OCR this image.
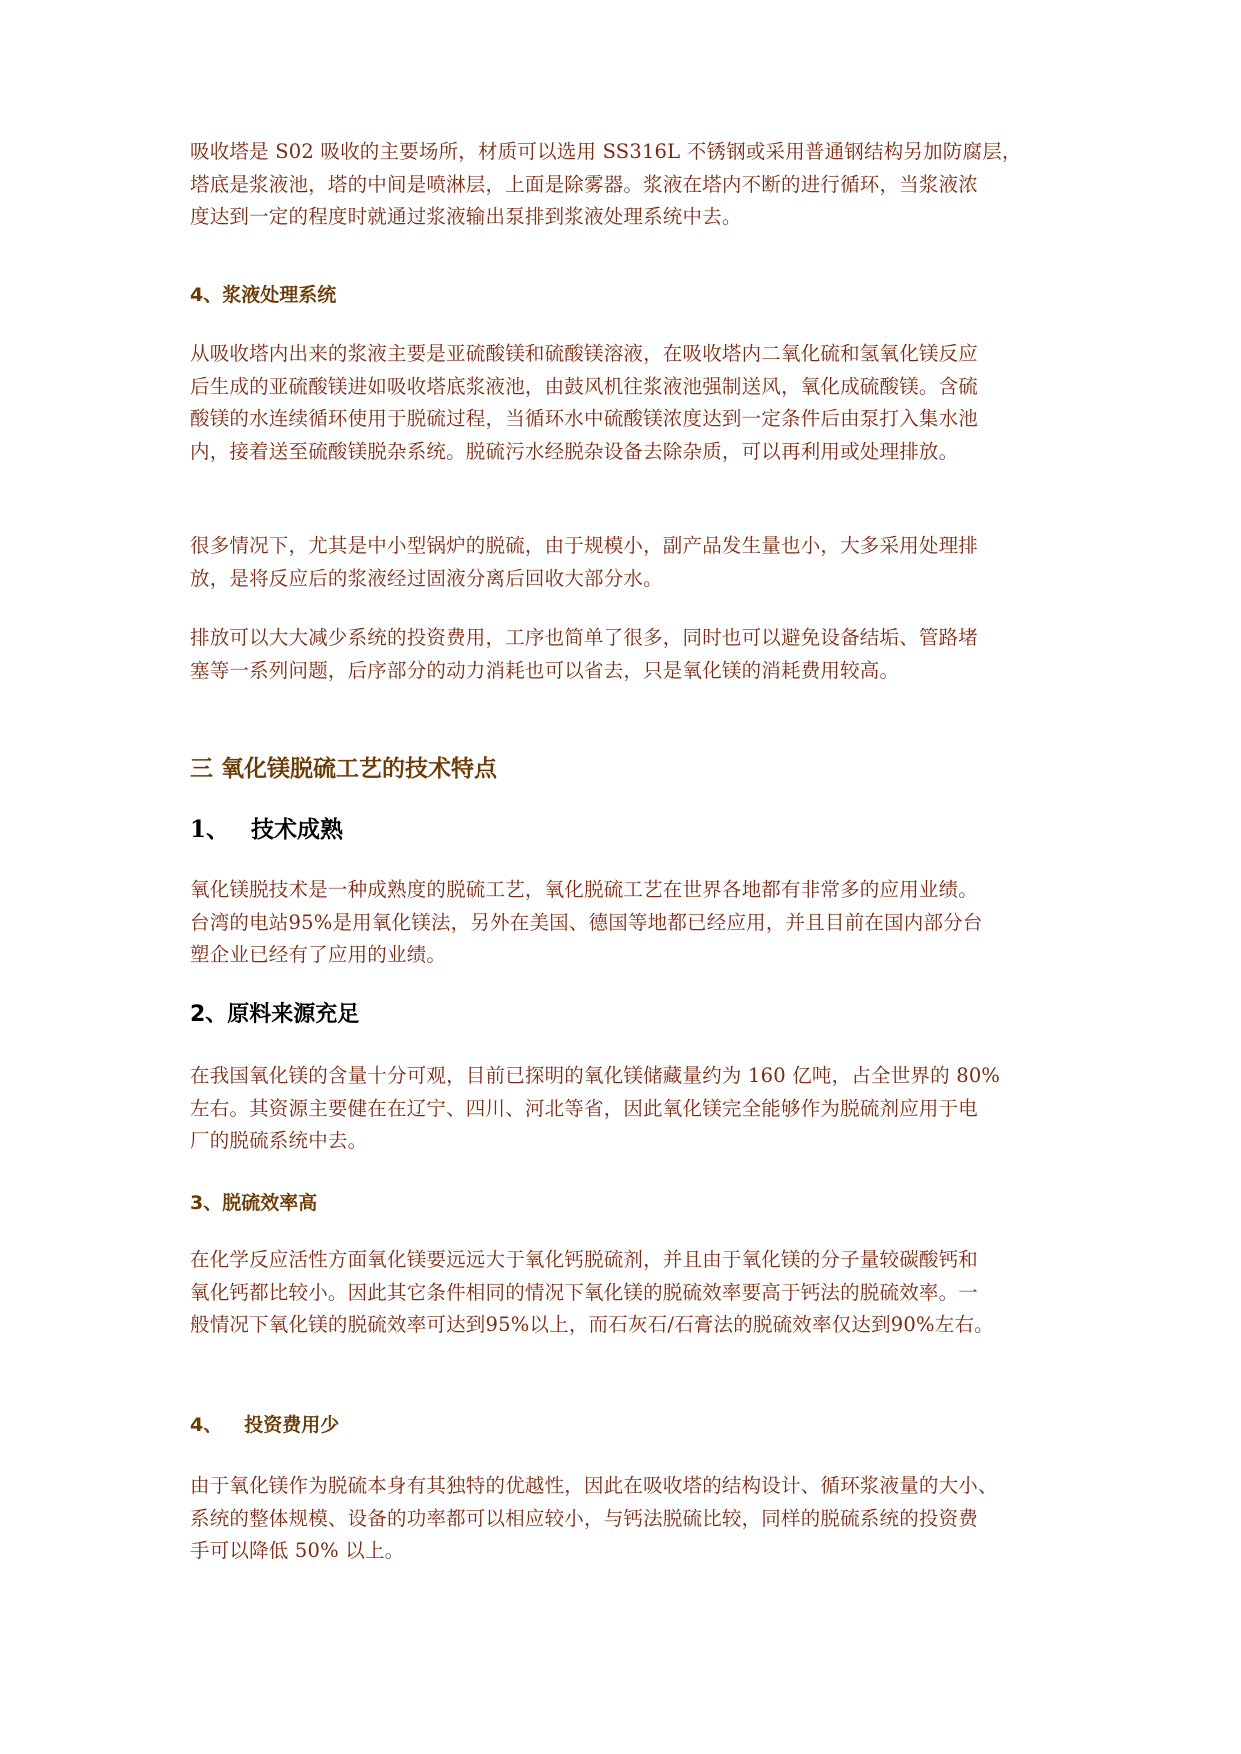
吸收塔是 S02 吸收的主要场所，材质可以选用 SS316L 不锈钢或采用普通钢结构另加防腐层，
塔底是浆液池，塔的中间是喷淋层，上面是除雾器。浆液在塔内不断的进行循环，当浆液浓
度达到一定的程度时就通过浆液输出泵排到浆液处理系统中去。

4、浆液处理系统

从吸收塔内出来的浆液主要是亚硫酸镁和硫酸镁溶液，在吸收塔内二氧化硫和氢氧化镁反应
后生成的亚硫酸镁进如吸收塔底浆液池，由鼓风机往浆液池强制送风，氧化成硫酸镁。含硫
酸镁的水连续循环使用于脱硫过程，当循环水中硫酸镁浓度达到一定条件后由泵打入集水池
内，接着送至硫酸镁脱杂系统。脱硫污水经脱杂设备去除杂质，可以再利用或处理排放。

很多情况下，尤其是中小型锅炉的脱硫，由于规模小，副产品发生量也小，大多采用处理排
放，是将反应后的浆液经过固液分离后回收大部分水。

排放可以大大减少系统的投资费用，工序也简单了很多，同时也可以避免设备结垢、管路堵
塞等一系列问题，后序部分的动力消耗也可以省去，只是氧化镁的消耗费用较高。

三 氧化镁脱硫工艺的技术特点
1、 技术成熟

氧化镁脱技术是一种成熟度的脱硫工艺，氧化脱硫工艺在世界各地都有非常多的应用业绩。
台湾的电站95%是用氧化镁法，另外在美国、德国等地都已经应用，并且目前在国内部分台
塑企业已经有了应用的业绩。

2、原料来源充足

在我国氧化镁的含量十分可观，目前已探明的氧化镁储藏量约为 160 亿吨，占全世界的 80%
左右。其资源主要健在在辽宁、四川、河北等省，因此氧化镁完全能够作为脱硫剂应用于电
厂的脱硫系统中去。

3、脱硫效率高

在化学反应活性方面氧化镁要远远大于氧化钙脱硫剂，并且由于氧化镁的分子量较碳酸钙和
氧化钙都比较小。因此其它条件相同的情况下氧化镁的脱硫效率要高于钙法的脱硫效率。一
般情况下氧化镁的脱硫效率可达到95%以上，而石灰石/石膏法的脱硫效率仅达到90%左右。

4、 投资费用少

由于氧化镁作为脱硫本身有其独特的优越性，因此在吸收塔的结构设计、循环浆液量的大小、
系统的整体规模、设备的功率都可以相应较小，与钙法脱硫比较，同样的脱硫系统的投资费
手可以降低 50% 以上。
